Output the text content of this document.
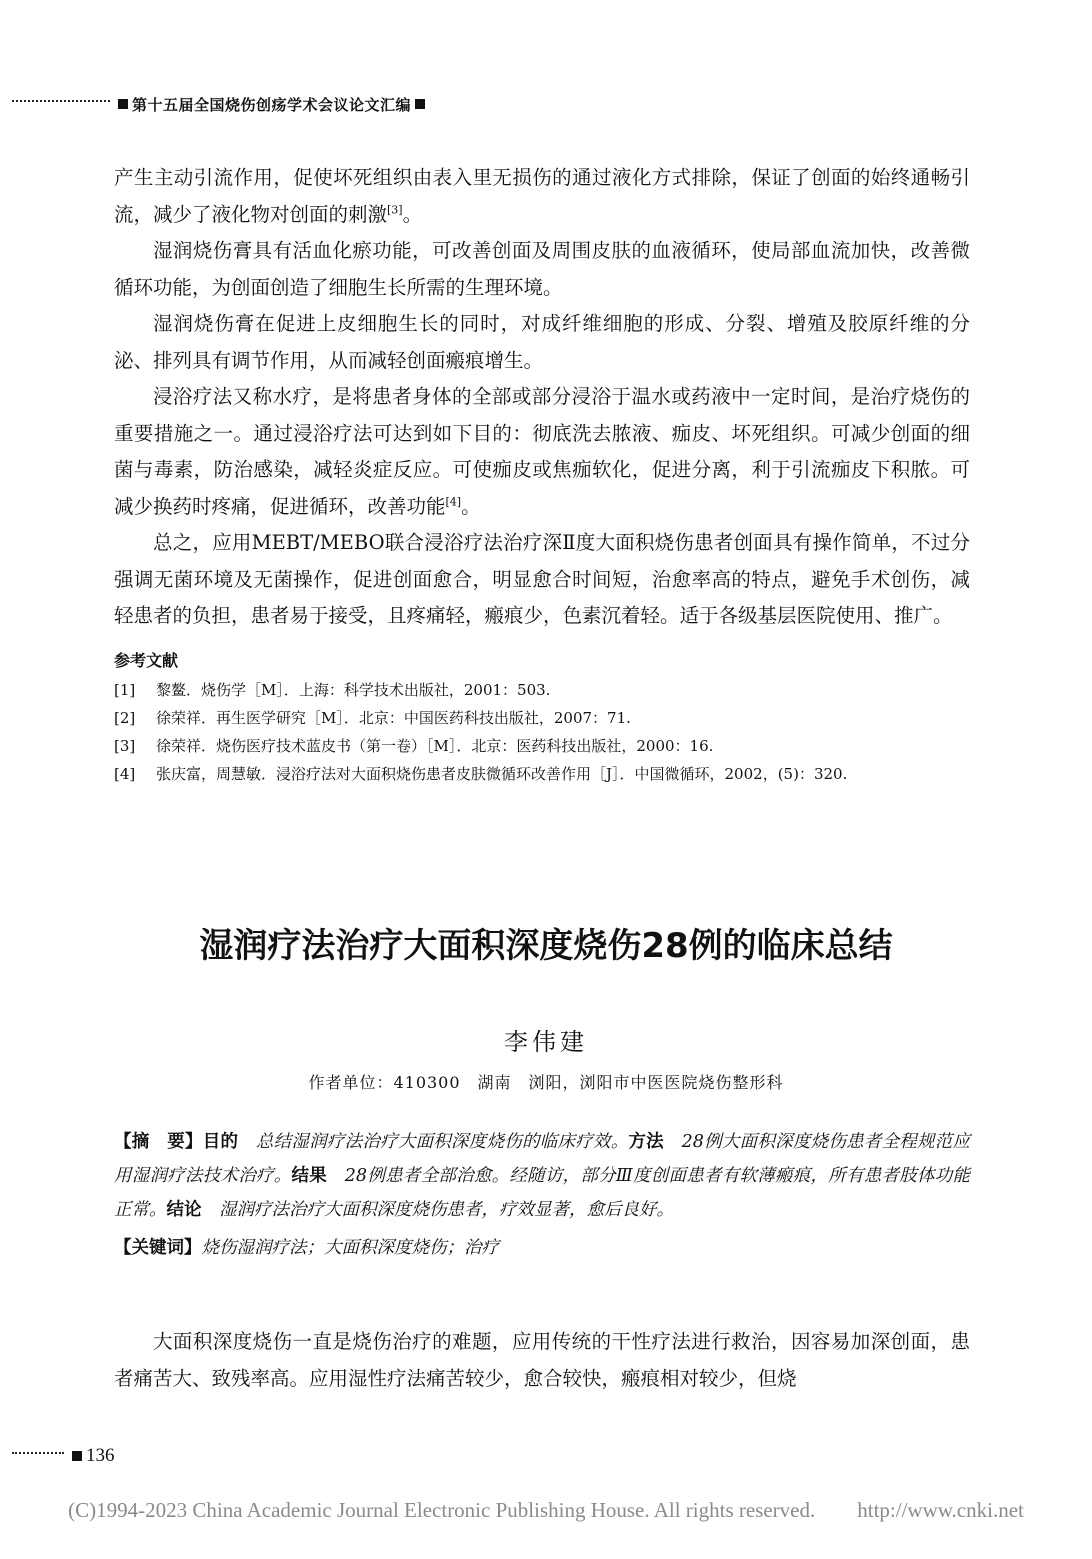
第十五届全国烧伤创疡学术会议论文汇编

产生主动引流作用，促使坏死组织由表入里无损伤的通过液化方式排除，保证了创面的始终通畅引流，减少了液化物对创面的刺激[3]。

湿润烧伤膏具有活血化瘀功能，可改善创面及周围皮肤的血液循环，使局部血流加快，改善微循环功能，为创面创造了细胞生长所需的生理环境。

湿润烧伤膏在促进上皮细胞生长的同时，对成纤维细胞的形成、分裂、增殖及胶原纤维的分泌、排列具有调节作用，从而减轻创面瘢痕增生。

浸浴疗法又称水疗，是将患者身体的全部或部分浸浴于温水或药液中一定时间，是治疗烧伤的重要措施之一。通过浸浴疗法可达到如下目的：彻底洗去脓液、痂皮、坏死组织。可减少创面的细菌与毒素，防治感染，减轻炎症反应。可使痂皮或焦痂软化，促进分离，利于引流痂皮下积脓。可减少换药时疼痛，促进循环，改善功能[4]。

总之，应用MEBT/MEBO联合浸浴疗法治疗深Ⅱ度大面积烧伤患者创面具有操作简单，不过分强调无菌环境及无菌操作，促进创面愈合，明显愈合时间短，治愈率高的特点，避免手术创伤，减轻患者的负担，患者易于接受，且疼痛轻，瘢痕少，色素沉着轻。适于各级基层医院使用、推广。

参考文献
[1]	黎鳌．烧伤学［M］．上海：科学技术出版社，2001：503.
[2]	徐荣祥．再生医学研究［M］．北京：中国医药科技出版社，2007：71.
[3]	徐荣祥．烧伤医疗技术蓝皮书（第一卷）［M］．北京：医药科技出版社，2000：16.
[4]	张庆富，周慧敏．浸浴疗法对大面积烧伤患者皮肤微循环改善作用［J］．中国微循环，2002，(5)：320.
湿润疗法治疗大面积深度烧伤28例的临床总结
李伟建
作者单位：410300　湖南　浏阳，浏阳市中医医院烧伤整形科

【摘　要】目的　总结湿润疗法治疗大面积深度烧伤的临床疗效。方法　28例大面积深度烧伤患者全程规范应用湿润疗法技术治疗。结果　28例患者全部治愈。经随访，部分Ⅲ度创面患者有软薄瘢痕，所有患者肢体功能正常。结论　湿润疗法治疗大面积深度烧伤患者，疗效显著，愈后良好。

【关键词】烧伤湿润疗法；大面积深度烧伤；治疗

大面积深度烧伤一直是烧伤治疗的难题，应用传统的干性疗法进行救治，因容易加深创面，患者痛苦大、致残率高。应用湿性疗法痛苦较少，愈合较快，瘢痕相对较少，但烧

136
(C)1994-2023 China Academic Journal Electronic Publishing House. All rights reserved.　　http://www.cnki.net
